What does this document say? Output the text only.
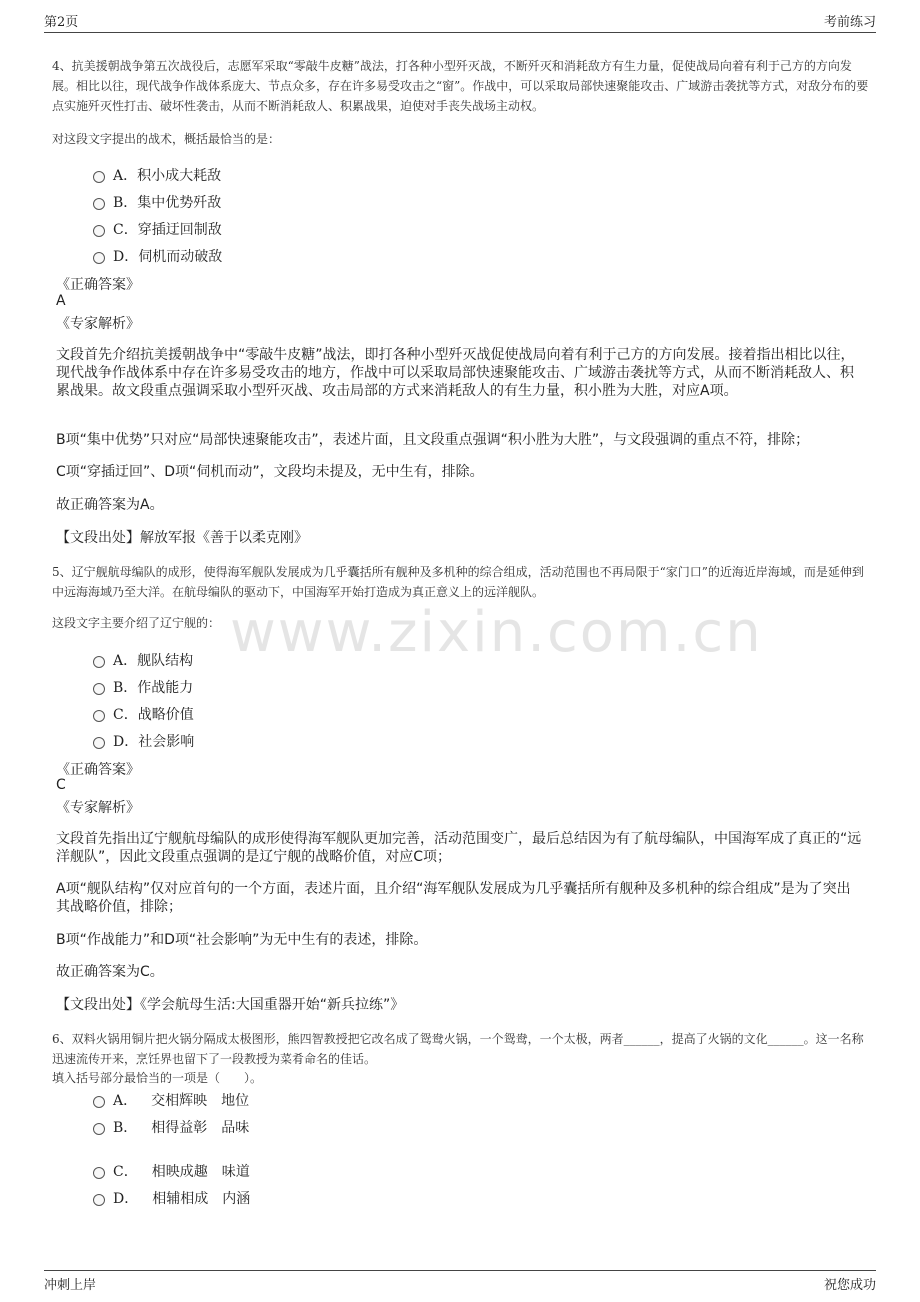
第2页	考前练习
www.zixin.com.cn
4、抗美援朝战争第五次战役后，志愿军采取“零敲牛皮糖”战法，打各种小型歼灭战，不断歼灭和消耗敌方有生力量，促使战局向着有利于己方的方向发展。相比以往，现代战争作战体系庞大、节点众多，存在许多易受攻击之“窗”。作战中，可以采取局部快速聚能攻击、广域游击袭扰等方式，对敌分布的要点实施歼灭性打击、破坏性袭击，从而不断消耗敌人、积累战果，迫使对手丧失战场主动权。
对这段文字提出的战术，概括最恰当的是：
A．积小成大耗敌
B．集中优势歼敌
C．穿插迂回制敌
D．伺机而动破敌
《正确答案》
A
《专家解析》
文段首先介绍抗美援朝战争中“零敲牛皮糖”战法，即打各种小型歼灭战促使战局向着有利于己方的方向发展。接着指出相比以往，现代战争作战体系中存在许多易受攻击的地方，作战中可以采取局部快速聚能攻击、广域游击袭扰等方式，从而不断消耗敌人、积累战果。故文段重点强调采取小型歼灭战、攻击局部的方式来消耗敌人的有生力量，积小胜为大胜，对应A项。
B项“集中优势”只对应“局部快速聚能攻击”，表述片面，且文段重点强调“积小胜为大胜”，与文段强调的重点不符，排除；
C项“穿插迂回”、D项“伺机而动”，文段均未提及，无中生有，排除。
故正确答案为A。
【文段出处】解放军报《善于以柔克刚》
5、辽宁舰航母编队的成形，使得海军舰队发展成为几乎囊括所有舰种及多机种的综合组成，活动范围也不再局限于“家门口”的近海近岸海域，而是延伸到中远海海域乃至大洋。在航母编队的驱动下，中国海军开始打造成为真正意义上的远洋舰队。
这段文字主要介绍了辽宁舰的：
A．舰队结构
B．作战能力
C．战略价值
D．社会影响
《正确答案》
C
《专家解析》
文段首先指出辽宁舰航母编队的成形使得海军舰队更加完善，活动范围变广，最后总结因为有了航母编队，中国海军成了真正的“远洋舰队”，因此文段重点强调的是辽宁舰的战略价值，对应C项；
A项“舰队结构”仅对应首句的一个方面，表述片面，且介绍“海军舰队发展成为几乎囊括所有舰种及多机种的综合组成”是为了突出其战略价值，排除；
B项“作战能力”和D项“社会影响”为无中生有的表述，排除。
故正确答案为C。
【文段出处】《学会航母生活:大国重器开始“新兵拉练”》
6、双料火锅用铜片把火锅分隔成太极图形，熊四智教授把它改名成了鸳鸯火锅，一个鸳鸯，一个太极，两者______，提高了火锅的文化______。这一名称迅速流传开来，烹饪界也留下了一段教授为菜肴命名的佳话。
填入括号部分最恰当的一项是（　　）。
A． 交相辉映 地位
B． 相得益彰 品味
C． 相映成趣 味道
D． 相辅相成 内涵
冲刺上岸	祝您成功
